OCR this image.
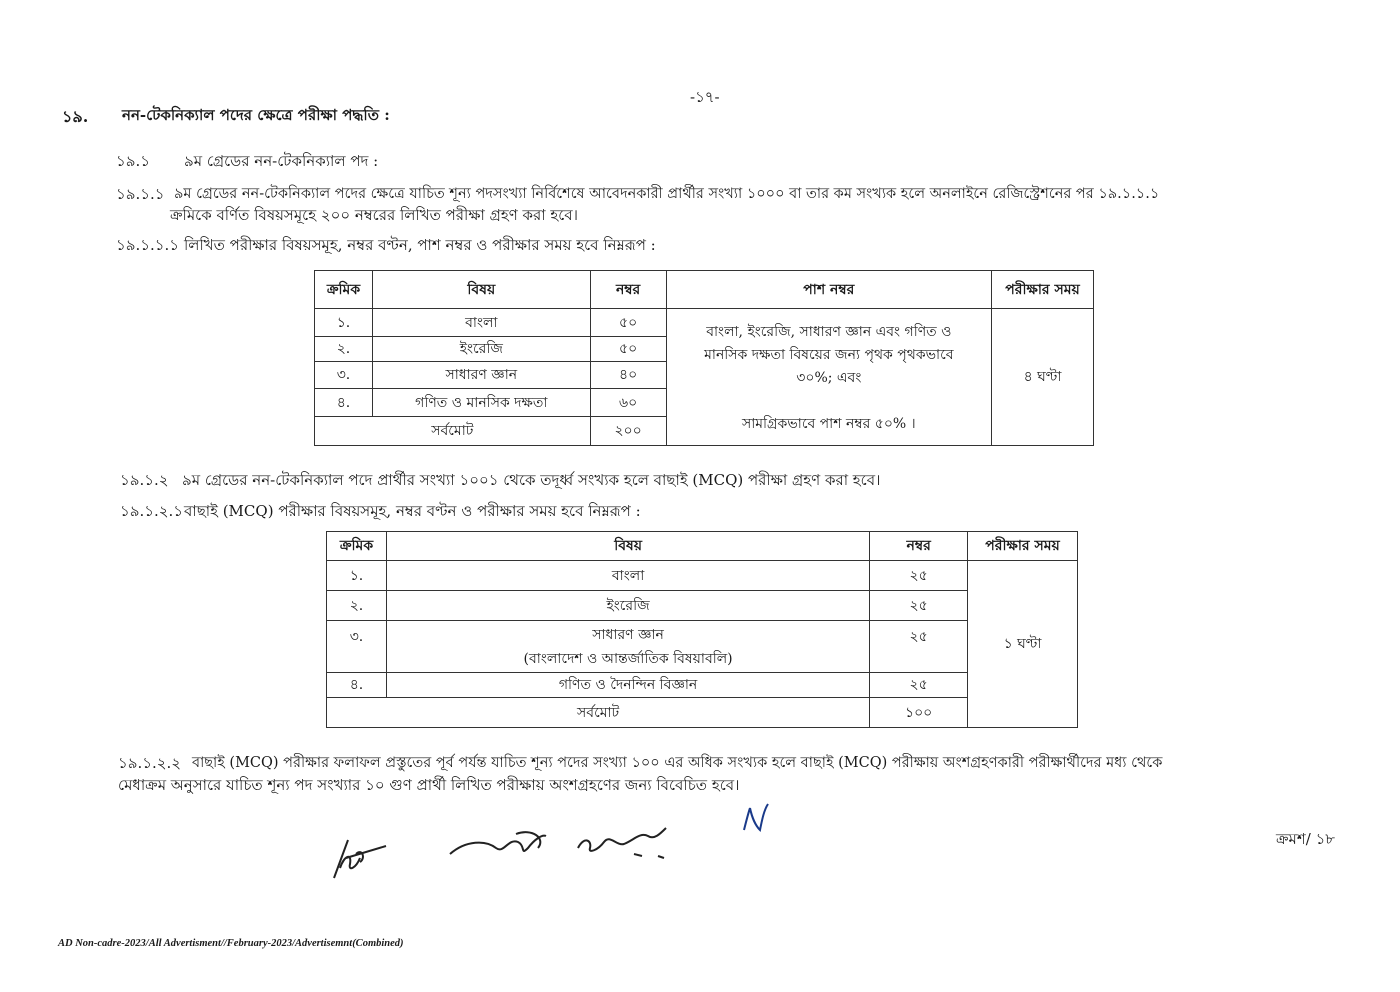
-১৭-
১৯. নন-টেকনিক্যাল পদের ক্ষেত্রে পরীক্ষা পদ্ধতি :
১৯.১ ৯ম গ্রেডের নন-টেকনিক্যাল পদ :
১৯.১.১ ৯ম গ্রেডের নন-টেকনিক্যাল পদের ক্ষেত্রে যাচিত শূন্য পদসংখ্যা নির্বিশেষে আবেদনকারী প্রার্থীর সংখ্যা ১০০০ বা তার কম সংখ্যক হলে অনলাইনে রেজিস্ট্রেশনের পর ১৯.১.১.১
ক্রমিকে বর্ণিত বিষয়সমূহে ২০০ নম্বরের লিখিত পরীক্ষা গ্রহণ করা হবে।
১৯.১.১.১ লিখিত পরীক্ষার বিষয়সমূহ, নম্বর বণ্টন, পাশ নম্বর ও পরীক্ষার সময় হবে নিম্নরূপ :
ক্রমিক	বিষয়	নম্বর	পাশ নম্বর	পরীক্ষার সময়
১.	বাংলা	৫০	বাংলা, ইংরেজি, সাধারণ জ্ঞান এবং গণিত ও
মানসিক দক্ষতা বিষয়ের জন্য পৃথক পৃথকভাবে
৩০%; এবং
সামগ্রিকভাবে পাশ নম্বর ৫০% ।	৪ ঘণ্টা
২.	ইংরেজি	৫০		
৩.	সাধারণ জ্ঞান	৪০		
৪.	গণিত ও মানসিক দক্ষতা	৬০		
সর্বমোট		২০০		
১৯.১.২ ৯ম গ্রেডের নন-টেকনিক্যাল পদে প্রার্থীর সংখ্যা ১০০১ থেকে তদূর্ধ্ব সংখ্যক হলে বাছাই (MCQ) পরীক্ষা গ্রহণ করা হবে।
১৯.১.২.১ বাছাই (MCQ) পরীক্ষার বিষয়সমূহ, নম্বর বণ্টন ও পরীক্ষার সময় হবে নিম্নরূপ :
ক্রমিক	বিষয়	নম্বর	পরীক্ষার সময়
১.	বাংলা	২৫	১ ঘণ্টা
২.	ইংরেজি	২৫	
৩.	সাধারণ জ্ঞান
(বাংলাদেশ ও আন্তর্জাতিক বিষয়াবলি)	২৫	
৪.	গণিত ও দৈনন্দিন বিজ্ঞান	২৫	
সর্বমোট		১০০	
১৯.১.২.২ বাছাই (MCQ) পরীক্ষার ফলাফল প্রস্তুতের পূর্ব পর্যন্ত যাচিত শূন্য পদের সংখ্যা ১০০ এর অধিক সংখ্যক হলে বাছাই (MCQ) পরীক্ষায় অংশগ্রহণকারী পরীক্ষার্থীদের মধ্য থেকে
মেধাক্রম অনুসারে যাচিত শূন্য পদ সংখ্যার ১০ গুণ প্রার্থী লিখিত পরীক্ষায় অংশগ্রহণের জন্য বিবেচিত হবে।
ক্রমশ/ ১৮
AD Non-cadre-2023/All Advertisment//February-2023/Advertisemnt(Combined)
